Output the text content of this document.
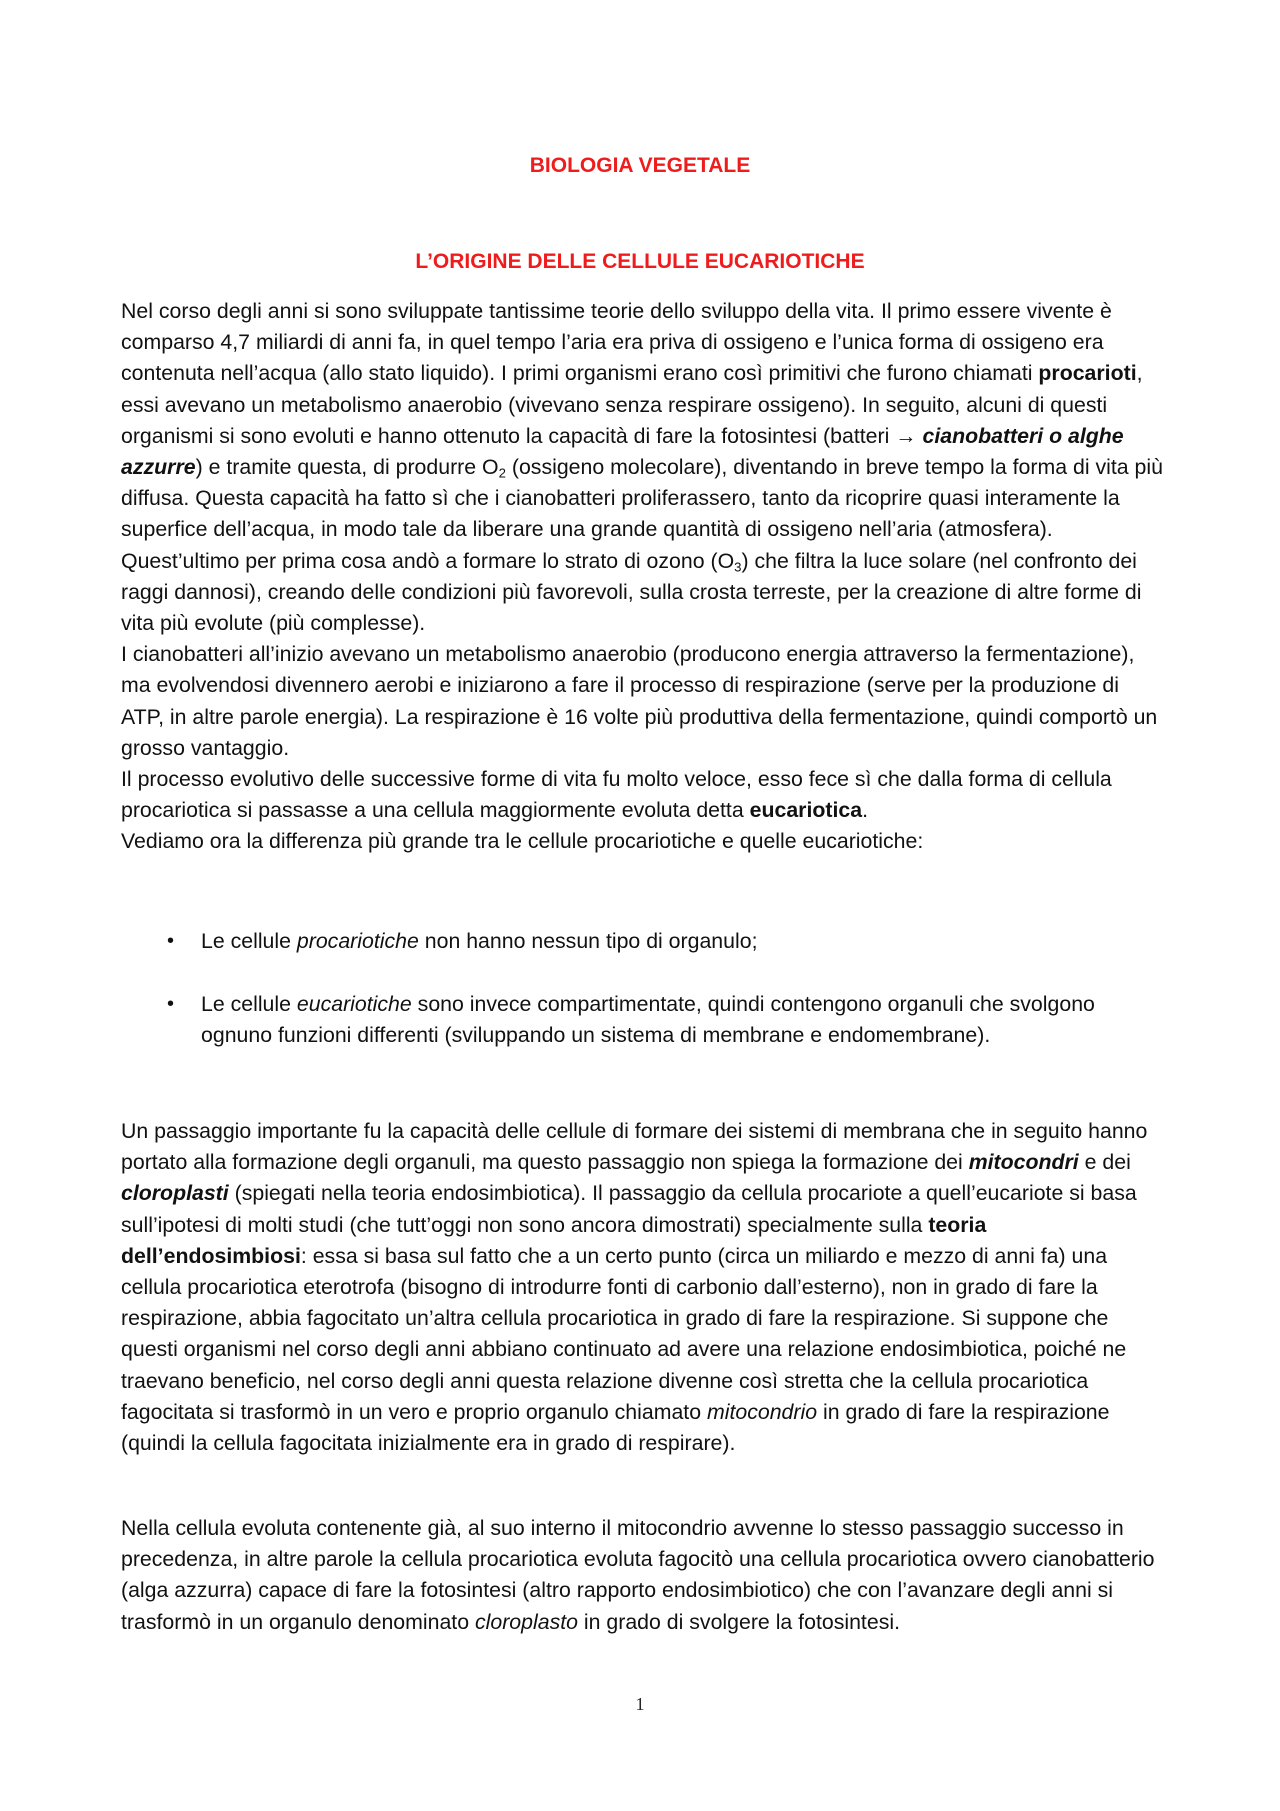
BIOLOGIA VEGETALE
L’ORIGINE DELLE CELLULE EUCARIOTICHE

Nel corso degli anni si sono sviluppate tantissime teorie dello sviluppo della vita. Il primo essere vivente è comparso 4,7 miliardi di anni fa, in quel tempo l’aria era priva di ossigeno e l’unica forma di ossigeno era contenuta nell’acqua (allo stato liquido). I primi organismi erano così primitivi che furono chiamati procarioti, essi avevano un metabolismo anaerobio (vivevano senza respirare ossigeno). In seguito, alcuni di questi organismi si sono evoluti e hanno ottenuto la capacità di fare la fotosintesi (batteri → cianobatteri o alghe azzurre) e tramite questa, di produrre $O_2$ (ossigeno molecolare), diventando in breve tempo la forma di vita più diffusa. Questa capacità ha fatto sì che i cianobatteri proliferassero, tanto da ricoprire quasi interamente la superfice dell’acqua, in modo tale da liberare una grande quantità di ossigeno nell’aria (atmosfera). Quest’ultimo per prima cosa andò a formare lo strato di ozono $(O_3)$ che filtra la luce solare (nel confronto dei raggi dannosi), creando delle condizioni più favorevoli, sulla crosta terreste, per la creazione di altre forme di vita più evolute (più complesse).
I cianobatteri all’inizio avevano un metabolismo anaerobio (producono energia attraverso la fermentazione), ma evolvendosi divennero aerobi e iniziarono a fare il processo di respirazione (serve per la produzione di ATP, in altre parole energia). La respirazione è 16 volte più produttiva della fermentazione, quindi comportò un grosso vantaggio.
Il processo evolutivo delle successive forme di vita fu molto veloce, esso fece sì che dalla forma di cellula procariotica si passasse a una cellula maggiormente evoluta detta eucariotica.
Vediamo ora la differenza più grande tra le cellule procariotiche e quelle eucariotiche:

• Le cellule procariotiche non hanno nessun tipo di organulo;
• Le cellule eucariotiche sono invece compartimentate, quindi contengono organuli che svolgono ognuno funzioni differenti (sviluppando un sistema di membrane e endomembrane).

Un passaggio importante fu la capacità delle cellule di formare dei sistemi di membrana che in seguito hanno portato alla formazione degli organuli, ma questo passaggio non spiega la formazione dei mitocondri e dei cloroplasti (spiegati nella teoria endosimbiotica). Il passaggio da cellula procariote a quell’eucariote si basa sull’ipotesi di molti studi (che tutt’oggi non sono ancora dimostrati) specialmente sulla teoria dell’endosimbiosi: essa si basa sul fatto che a un certo punto (circa un miliardo e mezzo di anni fa) una cellula procariotica eterotrofa (bisogno di introdurre fonti di carbonio dall’esterno), non in grado di fare la respirazione, abbia fagocitato un’altra cellula procariotica in grado di fare la respirazione. Si suppone che questi organismi nel corso degli anni abbiano continuato ad avere una relazione endosimbiotica, poiché ne traevano beneficio, nel corso degli anni questa relazione divenne così stretta che la cellula procariotica fagocitata si trasformò in un vero e proprio organulo chiamato mitocondrio in grado di fare la respirazione (quindi la cellula fagocitata inizialmente era in grado di respirare).

Nella cellula evoluta contenente già, al suo interno il mitocondrio avvenne lo stesso passaggio successo in precedenza, in altre parole la cellula procariotica evoluta fagocitò una cellula procariotica ovvero cianobatterio (alga azzurra) capace di fare la fotosintesi (altro rapporto endosimbiotico) che con l’avanzare degli anni si trasformò in un organulo denominato cloroplasto in grado di svolgere la fotosintesi.

1
